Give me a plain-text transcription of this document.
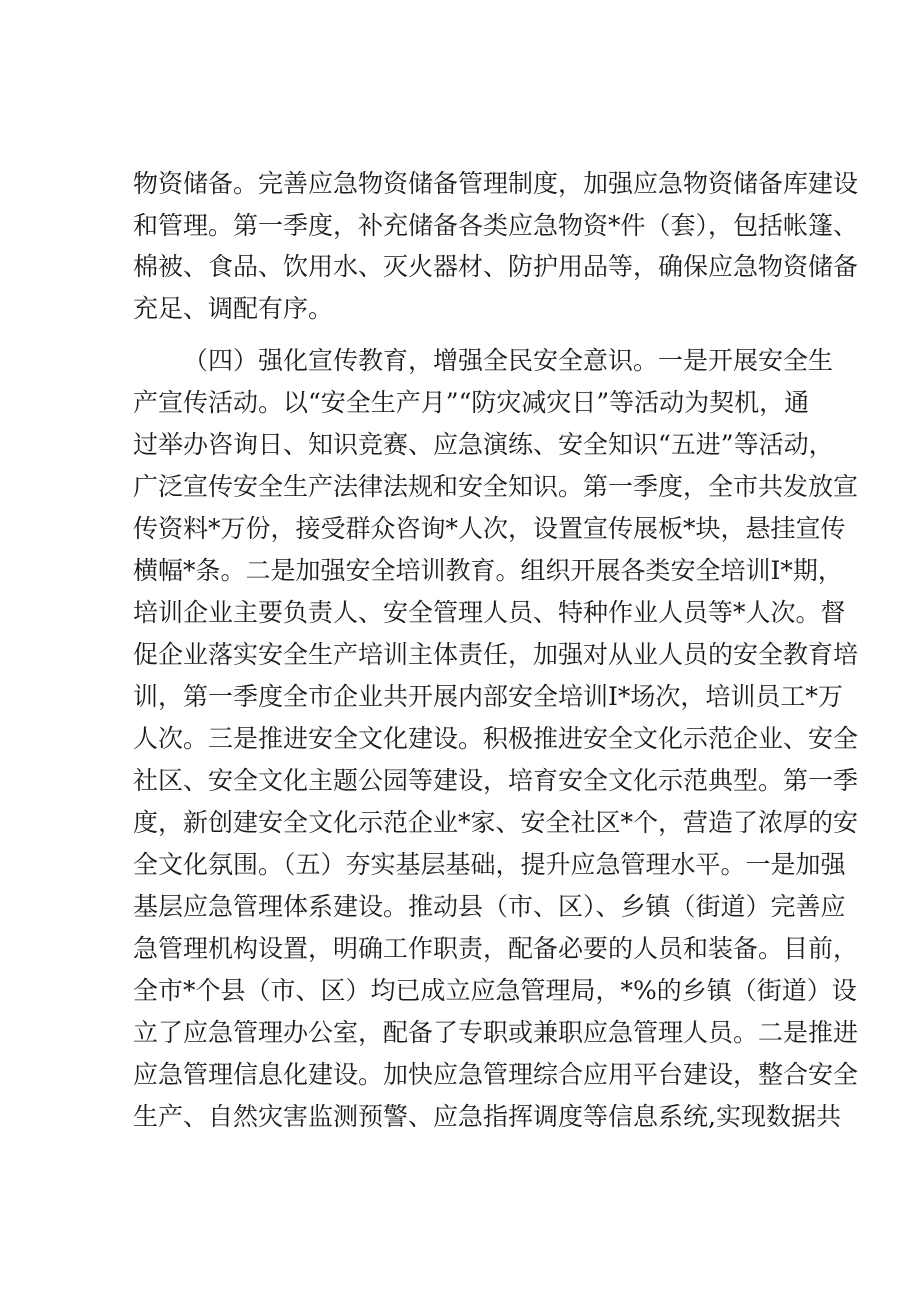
物资储备。完善应急物资储备管理制度，加强应急物资储备库建设

和管理。第一季度，补充储备各类应急物资*件（套），包括帐篷、

棉被、食品、饮用水、灭火器材、防护用品等，确保应急物资储备

充足、调配有序。

（四）强化宣传教育，增强全民安全意识。一是开展安全生

产宣传活动。以“安全生产月”“防灾减灾日”等活动为契机，通

过举办咨询日、知识竞赛、应急演练、安全知识“五进”等活动，

广泛宣传安全生产法律法规和安全知识。第一季度，全市共发放宣

传资料*万份，接受群众咨询*人次，设置宣传展板*块，悬挂宣传

横幅*条。二是加强安全培训教育。组织开展各类安全培训I*期，

培训企业主要负责人、安全管理人员、特种作业人员等*人次。督

促企业落实安全生产培训主体责任，加强对从业人员的安全教育培

训，第一季度全市企业共开展内部安全培训I*场次，培训员工*万

人次。三是推进安全文化建设。积极推进安全文化示范企业、安全

社区、安全文化主题公园等建设，培育安全文化示范典型。第一季

度，新创建安全文化示范企业*家、安全社区*个，营造了浓厚的安

全文化氛围。（五）夯实基层基础，提升应急管理水平。一是加强

基层应急管理体系建设。推动县（市、区）、乡镇（街道）完善应

急管理机构设置，明确工作职责，配备必要的人员和装备。目前，

全市*个县（市、区）均已成立应急管理局，*%的乡镇（街道）设

立了应急管理办公室，配备了专职或兼职应急管理人员。二是推进

应急管理信息化建设。加快应急管理综合应用平台建设，整合安全

生产、自然灾害监测预警、应急指挥调度等信息系统,实现数据共
